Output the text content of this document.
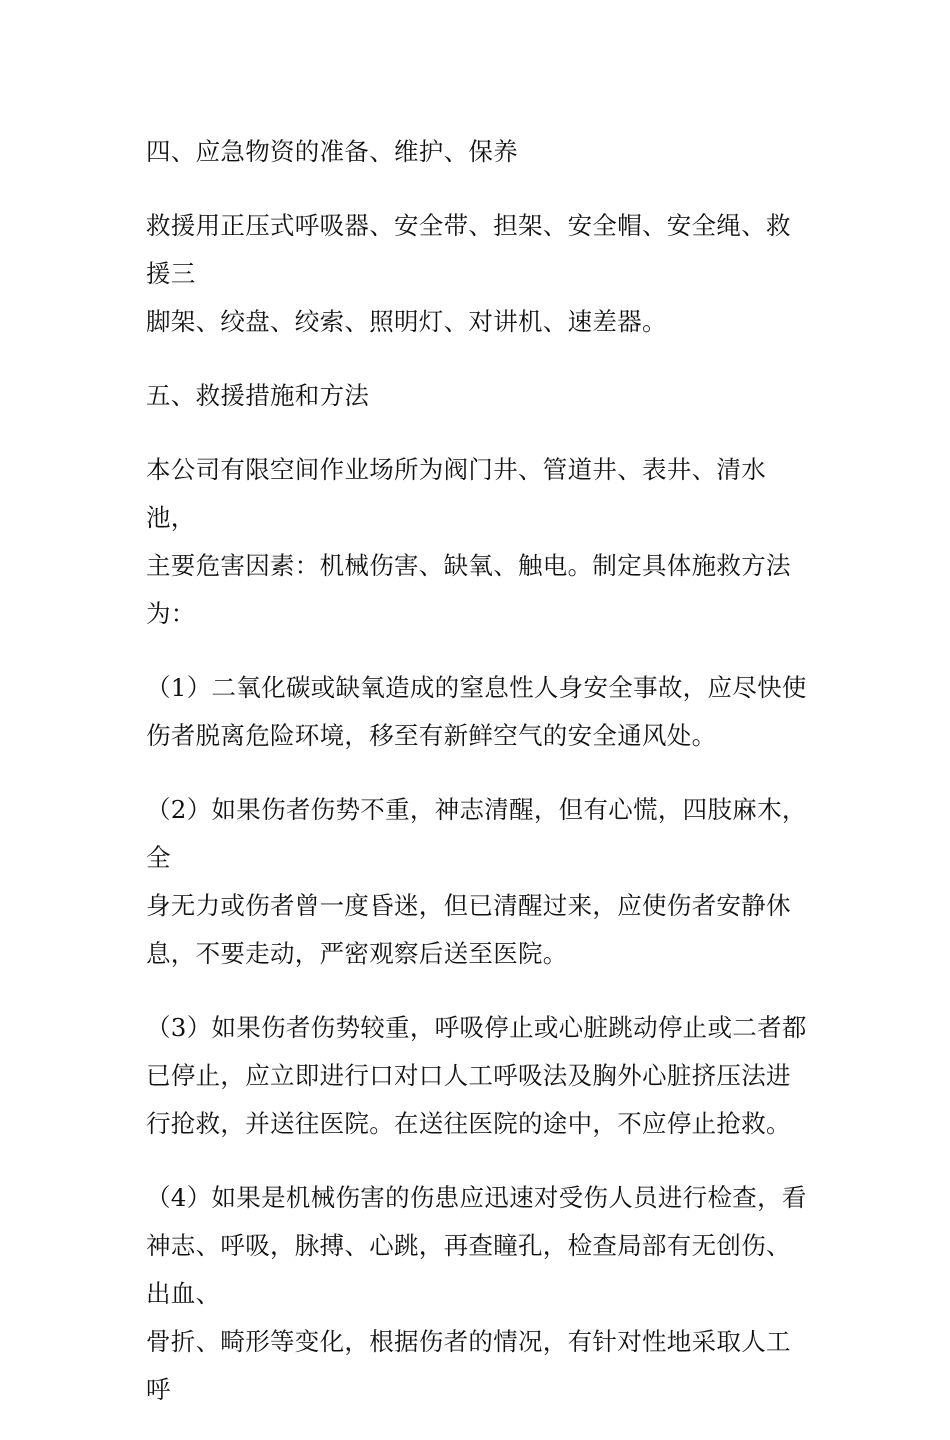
四、应急物资的准备、维护、保养

救援用正压式呼吸器、安全带、担架、安全帽、安全绳、救援三
脚架、绞盘、绞索、照明灯、对讲机、速差器。

五、救援措施和方法

本公司有限空间作业场所为阀门井、管道井、表井、清水池，
主要危害因素：机械伤害、缺氧、触电。制定具体施救方法为：

（1）二氧化碳或缺氧造成的窒息性人身安全事故，应尽快使
伤者脱离危险环境，移至有新鲜空气的安全通风处。

（2）如果伤者伤势不重，神志清醒，但有心慌，四肢麻木，全
身无力或伤者曾一度昏迷，但已清醒过来，应使伤者安静休
息，不要走动，严密观察后送至医院。

（3）如果伤者伤势较重，呼吸停止或心脏跳动停止或二者都
已停止，应立即进行口对口人工呼吸法及胸外心脏挤压法进
行抢救，并送往医院。在送往医院的途中，不应停止抢救。

（4）如果是机械伤害的伤患应迅速对受伤人员进行检查，看
神志、呼吸，脉搏、心跳，再查瞳孔，检查局部有无创伤、出血、
骨折、畸形等变化，根据伤者的情况，有针对性地采取人工呼
